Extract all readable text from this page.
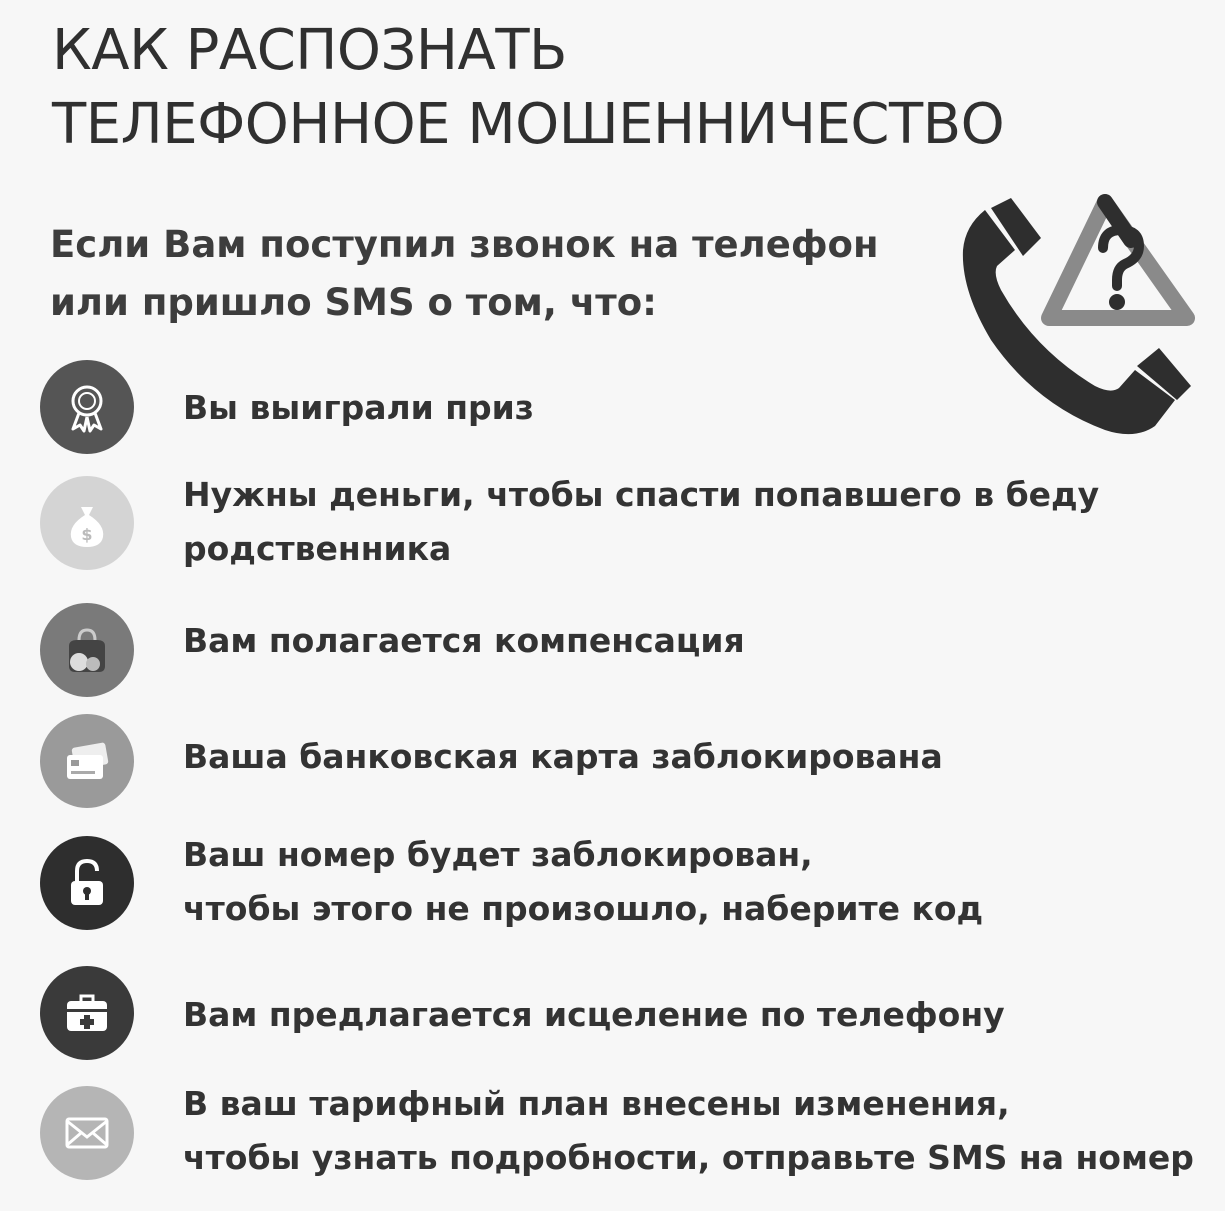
КАК РАСПОЗНАТЬ
ТЕЛЕФОННОЕ МОШЕННИЧЕСТВО
Если Вам поступил звонок на телефон
или пришло SMS о том, что:
Вы выиграли приз
$
Нужны деньги, чтобы спасти попавшего в беду
родственника
Вам полагается компенсация
Ваша банковская карта заблокирована
Ваш номер будет заблокирован,
чтобы этого не произошло, наберите код
Вам предлагается исцеление по телефону
В ваш тарифный план внесены изменения,
чтобы узнать подробности, отправьте SMS на номер
